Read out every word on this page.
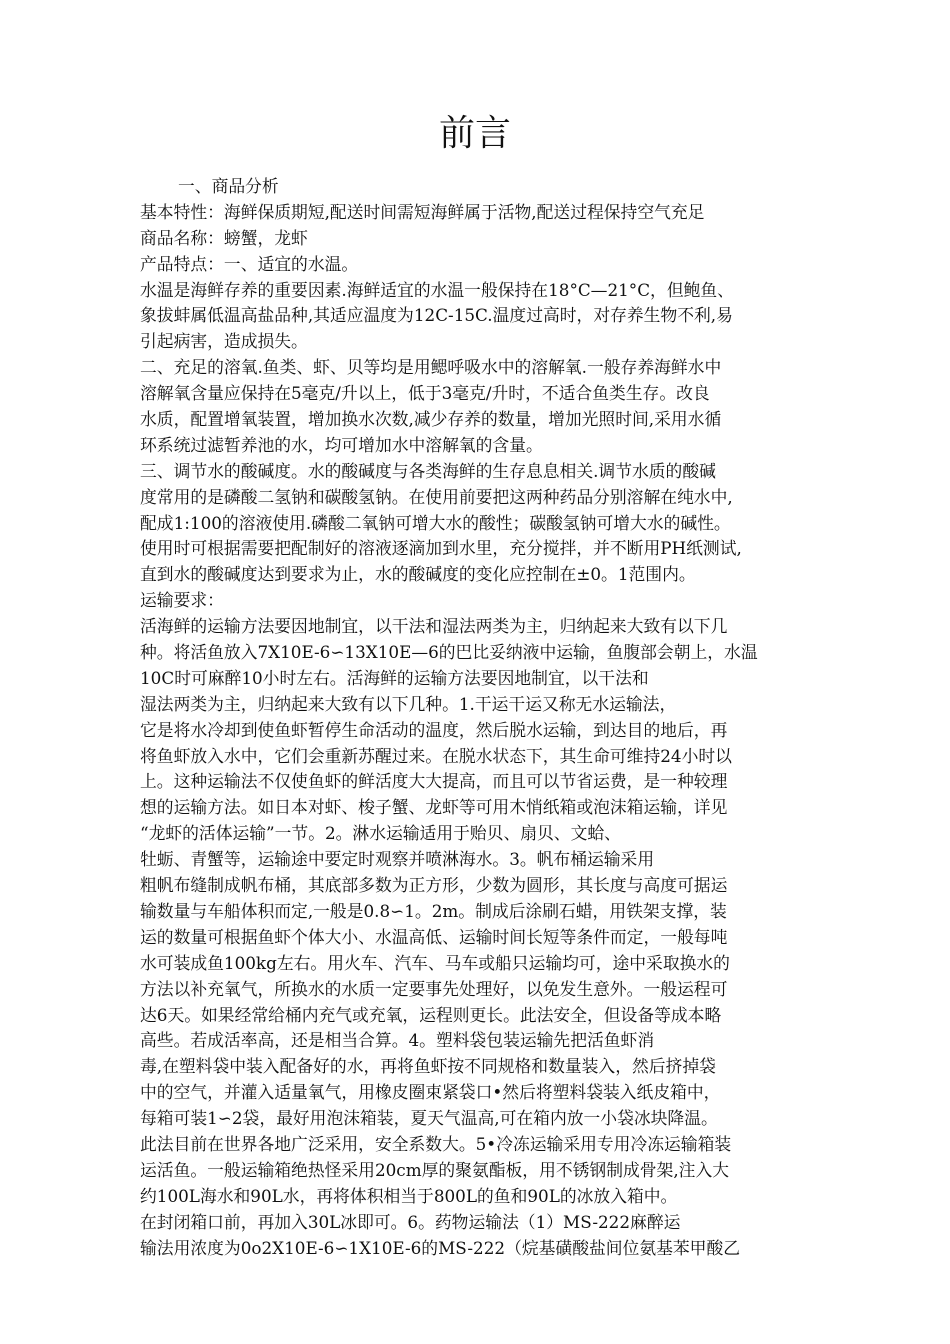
前言
一、商品分析
基本特性：海鲜保质期短,配送时间需短海鲜属于活物,配送过程保持空气充足
商品名称：螃蟹，龙虾
产品特点：一、适宜的水温。
水温是海鲜存养的重要因素.海鲜适宜的水温一般保持在18°C—21°C，但鲍鱼、
象拔蚌属低温高盐品种,其适应温度为12C-15C.温度过高时，对存养生物不利,易
引起病害，造成损失。
二、充足的溶氧.鱼类、虾、贝等均是用鳃呼吸水中的溶解氧.一般存养海鲜水中
溶解氧含量应保持在5毫克/升以上，低于3毫克/升时，不适合鱼类生存。改良
水质，配置增氧装置，增加换水次数,减少存养的数量，增加光照时间,采用水循
环系统过滤暂养池的水，均可增加水中溶解氧的含量。
三、调节水的酸碱度。水的酸碱度与各类海鲜的生存息息相关.调节水质的酸碱
度常用的是磷酸二氢钠和碳酸氢钠。在使用前要把这两种药品分别溶解在纯水中,
配成1:100的溶液使用.磷酸二氧钠可增大水的酸性；碳酸氢钠可增大水的碱性。
使用时可根据需要把配制好的溶液逐滴加到水里，充分搅拌，并不断用PH纸测试,
直到水的酸碱度达到要求为止，水的酸碱度的变化应控制在±0。1范围内。
运输要求：
活海鲜的运输方法要因地制宜，以干法和湿法两类为主，归纳起来大致有以下几
种。将活鱼放入7X10E-6∽13X10E—6的巴比妥纳液中运输，鱼腹部会朝上，水温
10C时可麻醉10小时左右。活海鲜的运输方法要因地制宜，以干法和
湿法两类为主，归纳起来大致有以下几种。1.干运干运又称无水运输法，
它是将水冷却到使鱼虾暂停生命活动的温度，然后脱水运输，到达目的地后，再
将鱼虾放入水中，它们会重新苏醒过来。在脱水状态下，其生命可维持24小时以
上。这种运输法不仅使鱼虾的鲜活度大大提高，而且可以节省运费，是一种较理
想的运输方法。如日本对虾、梭子蟹、龙虾等可用木悄纸箱或泡沫箱运输，详见
“龙虾的活体运输”一节。2。淋水运输适用于贻贝、扇贝、文蛤、
牡蛎、青蟹等，运输途中要定时观察并喷淋海水。3。帆布桶运输采用
粗帆布缝制成帆布桶，其底部多数为正方形，少数为圆形，其长度与高度可据运
输数量与车船体积而定,一般是0.8∽1。2m。制成后涂刷石蜡，用铁架支撑，装
运的数量可根据鱼虾个体大小、水温高低、运输时间长短等条件而定，一般每吨
水可装成鱼100kg左右。用火车、汽车、马车或船只运输均可，途中采取换水的
方法以补充氧气，所换水的水质一定要事先处理好，以免发生意外。一般运程可
达6天。如果经常给桶内充气或充氧，运程则更长。此法安全，但设备等成本略
高些。若成活率高，还是相当合算。4。塑料袋包装运输先把活鱼虾消
毒,在塑料袋中装入配备好的水，再将鱼虾按不同规格和数量装入，然后挤掉袋
中的空气，并灌入适量氧气，用橡皮圈束紧袋口•然后将塑料袋装入纸皮箱中，
每箱可装1∽2袋，最好用泡沫箱装，夏天气温高,可在箱内放一小袋冰块降温。
此法目前在世界各地广泛采用，安全系数大。5•冷冻运输采用专用冷冻运输箱装
运活鱼。一般运输箱绝热怪采用20cm厚的聚氨酯板，用不锈钢制成骨架,注入大
约100L海水和90L水，再将体积相当于800L的鱼和90L的冰放入箱中。
在封闭箱口前，再加入30L冰即可。6。药物运输法（1）MS-222麻醉运
输法用浓度为0o2X10E-6∽1X10E-6的MS-222（烷基磺酸盐间位氨基苯甲酸乙
